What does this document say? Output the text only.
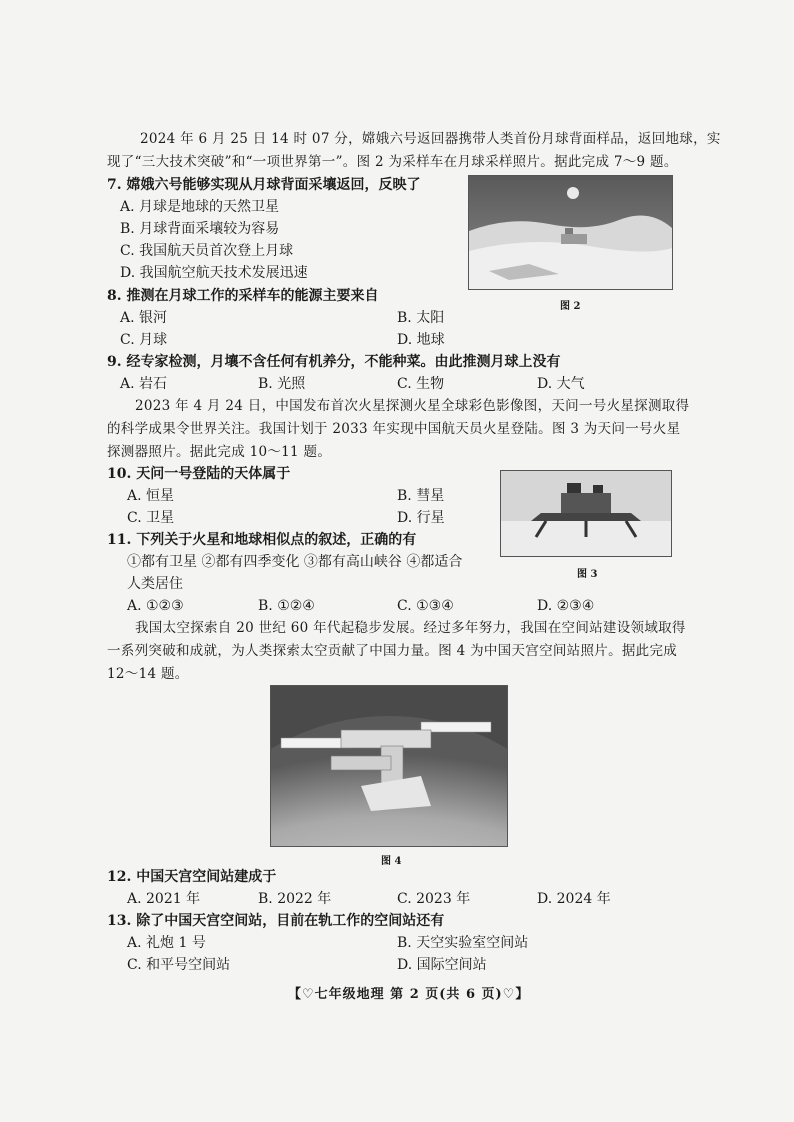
2024 年 6 月 25 日 14 时 07 分，嫦娥六号返回器携带人类首份月球背面样品，返回地球，实
现了“三大技术突破”和“一项世界第一”。图 2 为采样车在月球采样照片。据此完成 7～9 题。
7. 嫦娥六号能够实现从月球背面采壤返回，反映了
A. 月球是地球的天然卫星
B. 月球背面采壤较为容易
C. 我国航天员首次登上月球
D. 我国航空航天技术发展迅速
图 2
8. 推测在月球工作的采样车的能源主要来自
A. 银河	B. 太阳
C. 月球	D. 地球
9. 经专家检测，月壤不含任何有机养分，不能种菜。由此推测月球上没有
A. 岩石	B. 光照	C. 生物	D. 大气
2023 年 4 月 24 日，中国发布首次火星探测火星全球彩色影像图，天问一号火星探测取得
的科学成果令世界关注。我国计划于 2033 年实现中国航天员火星登陆。图 3 为天问一号火星
探测器照片。据此完成 10～11 题。
10. 天问一号登陆的天体属于
A. 恒星	B. 彗星
C. 卫星	D. 行星
图 3
11. 下列关于火星和地球相似点的叙述，正确的有
①都有卫星 ②都有四季变化 ③都有高山峡谷 ④都适合
人类居住
A. ①②③	B. ①②④	C. ①③④	D. ②③④
我国太空探索自 20 世纪 60 年代起稳步发展。经过多年努力，我国在空间站建设领域取得
一系列突破和成就，为人类探索太空贡献了中国力量。图 4 为中国天宫空间站照片。据此完成
12～14 题。
图 4
12. 中国天宫空间站建成于
A. 2021 年	B. 2022 年	C. 2023 年	D. 2024 年
13. 除了中国天宫空间站，目前在轨工作的空间站还有
A. 礼炮 1 号	B. 天空实验室空间站
C. 和平号空间站	D. 国际空间站
【♡七年级地理 第 2 页(共 6 页)♡】
